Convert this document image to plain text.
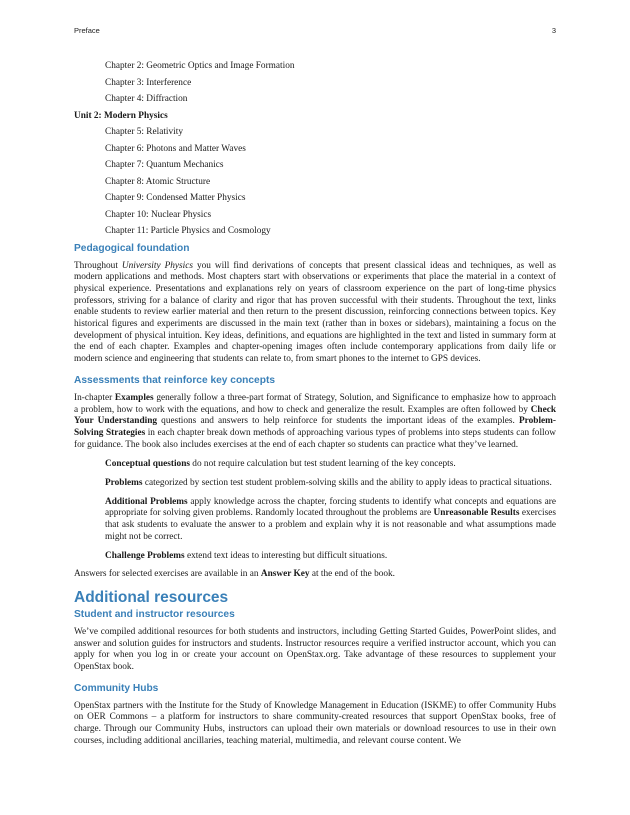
Preface	3
Chapter 2: Geometric Optics and Image Formation
Chapter 3: Interference
Chapter 4: Diffraction
Unit 2: Modern Physics
Chapter 5: Relativity
Chapter 6: Photons and Matter Waves
Chapter 7: Quantum Mechanics
Chapter 8: Atomic Structure
Chapter 9: Condensed Matter Physics
Chapter 10: Nuclear Physics
Chapter 11: Particle Physics and Cosmology
Pedagogical foundation

Throughout University Physics you will find derivations of concepts that present classical ideas and techniques, as well as modern applications and methods. Most chapters start with observations or experiments that place the material in a context of physical experience. Presentations and explanations rely on years of classroom experience on the part of long-time physics professors, striving for a balance of clarity and rigor that has proven successful with their students. Throughout the text, links enable students to review earlier material and then return to the present discussion, reinforcing connections between topics. Key historical figures and experiments are discussed in the main text (rather than in boxes or sidebars), maintaining a focus on the development of physical intuition. Key ideas, definitions, and equations are highlighted in the text and listed in summary form at the end of each chapter. Examples and chapter-opening images often include contemporary applications from daily life or modern science and engineering that students can relate to, from smart phones to the internet to GPS devices.

Assessments that reinforce key concepts

In-chapter Examples generally follow a three-part format of Strategy, Solution, and Significance to emphasize how to approach a problem, how to work with the equations, and how to check and generalize the result. Examples are often followed by Check Your Understanding questions and answers to help reinforce for students the important ideas of the examples. Problem-Solving Strategies in each chapter break down methods of approaching various types of problems into steps students can follow for guidance. The book also includes exercises at the end of each chapter so students can practice what they’ve learned.

Conceptual questions do not require calculation but test student learning of the key concepts.

Problems categorized by section test student problem-solving skills and the ability to apply ideas to practical situations.

Additional Problems apply knowledge across the chapter, forcing students to identify what concepts and equations are appropriate for solving given problems. Randomly located throughout the problems are Unreasonable Results exercises that ask students to evaluate the answer to a problem and explain why it is not reasonable and what assumptions made might not be correct.

Challenge Problems extend text ideas to interesting but difficult situations.

Answers for selected exercises are available in an Answer Key at the end of the book.

Additional resources
Student and instructor resources

We’ve compiled additional resources for both students and instructors, including Getting Started Guides, PowerPoint slides, and answer and solution guides for instructors and students. Instructor resources require a verified instructor account, which you can apply for when you log in or create your account on OpenStax.org. Take advantage of these resources to supplement your OpenStax book.

Community Hubs

OpenStax partners with the Institute for the Study of Knowledge Management in Education (ISKME) to offer Community Hubs on OER Commons – a platform for instructors to share community-created resources that support OpenStax books, free of charge. Through our Community Hubs, instructors can upload their own materials or download resources to use in their own courses, including additional ancillaries, teaching material, multimedia, and relevant course content. We
